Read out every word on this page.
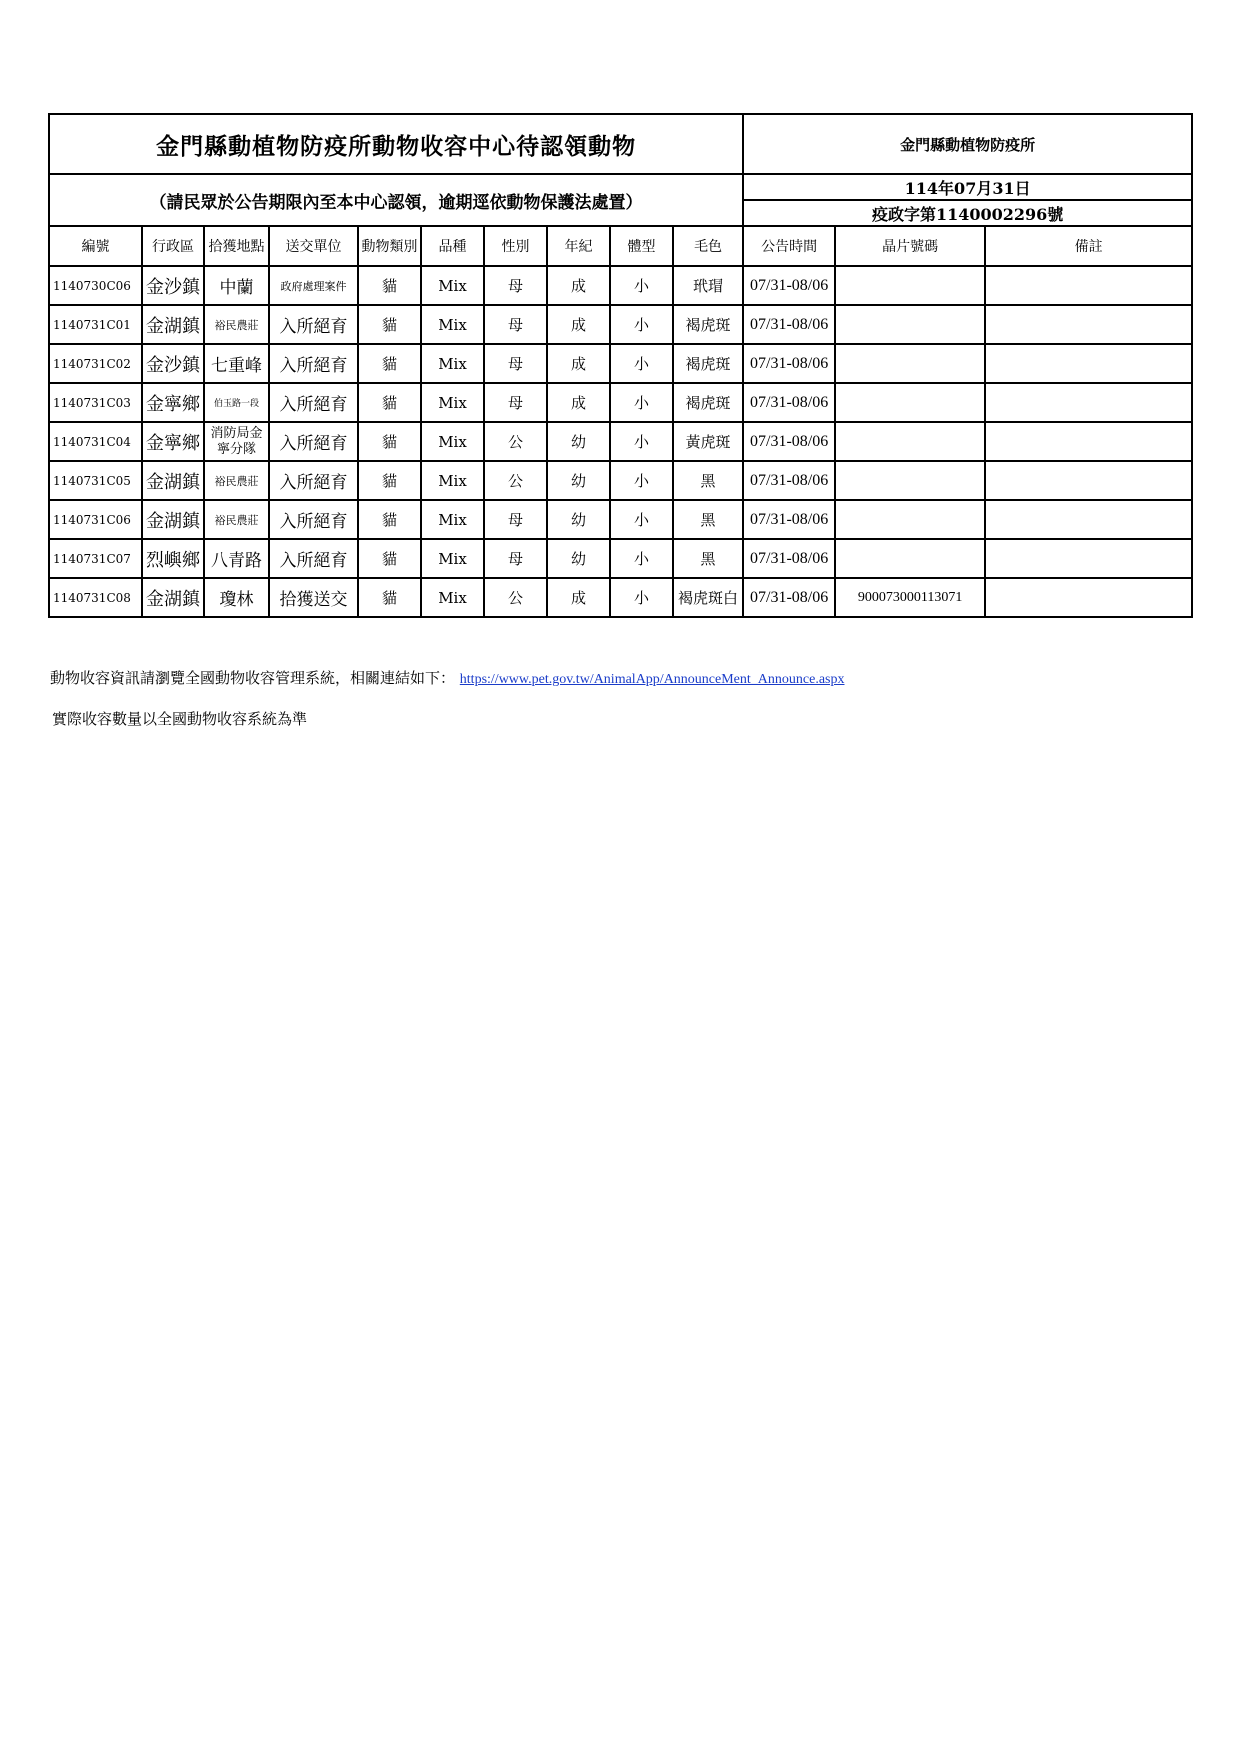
金門縣動植物防疫所動物收容中心待認領動物										金門縣動植物防疫所		
（請民眾於公告期限內至本中心認領，逾期逕依動物保護法處置）										114年07月31日		
										疫政字第1140002296號		
編號	行政區	拾獲地點	送交單位	動物類別	品種	性別	年紀	體型	毛色	公告時間	晶片號碼	備註
1140730C06	金沙鎮	中蘭	政府處理案件	貓	Mix	母	成	小	玳瑁	07/31-08/06		
1140731C01	金湖鎮	裕民農莊	入所絕育	貓	Mix	母	成	小	褐虎斑	07/31-08/06		
1140731C02	金沙鎮	七重峰	入所絕育	貓	Mix	母	成	小	褐虎斑	07/31-08/06		
1140731C03	金寧鄉	伯玉路一段	入所絕育	貓	Mix	母	成	小	褐虎斑	07/31-08/06		
1140731C04	金寧鄉	消防局金寧分隊	入所絕育	貓	Mix	公	幼	小	黃虎斑	07/31-08/06		
1140731C05	金湖鎮	裕民農莊	入所絕育	貓	Mix	公	幼	小	黑	07/31-08/06		
1140731C06	金湖鎮	裕民農莊	入所絕育	貓	Mix	母	幼	小	黑	07/31-08/06		
1140731C07	烈嶼鄉	八青路	入所絕育	貓	Mix	母	幼	小	黑	07/31-08/06		
1140731C08	金湖鎮	瓊林	拾獲送交	貓	Mix	公	成	小	褐虎斑白	07/31-08/06	900073000113071	
動物收容資訊請瀏覽全國動物收容管理系統，相關連結如下： https://www.pet.gov.tw/AnimalApp/AnnounceMent_Announce.aspx
實際收容數量以全國動物收容系統為準
